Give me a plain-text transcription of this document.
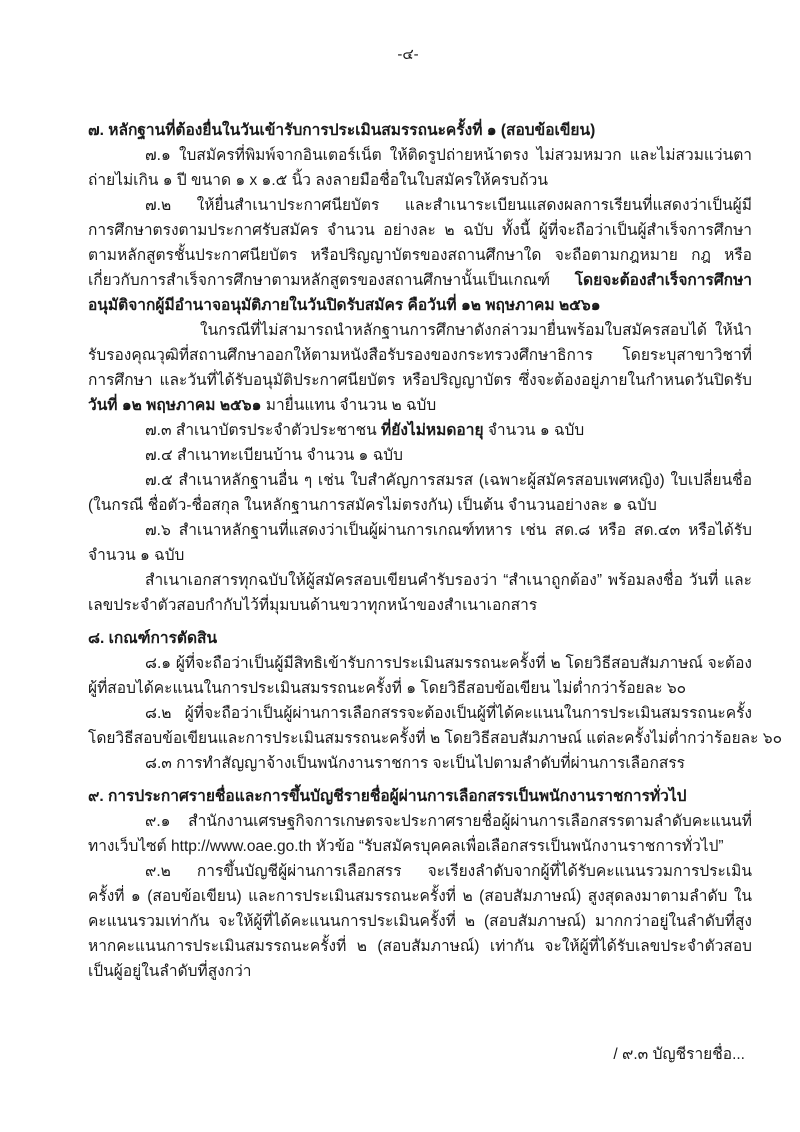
-๔-
๗. หลักฐานที่ต้องยื่นในวันเข้ารับการประเมินสมรรถนะครั้งที่ ๑ (สอบข้อเขียน)
๗.๑ ใบสมัครที่พิมพ์จากอินเตอร์เน็ต ให้ติดรูปถ่ายหน้าตรง ไม่สวมหมวก และไม่สวมแว่นตา
ถ่ายไม่เกิน ๑ ปี ขนาด ๑ x ๑.๕ นิ้ว ลงลายมือชื่อในใบสมัครให้ครบถ้วน
๗.๒ ให้ยื่นสำเนาประกาศนียบัตร และสำเนาระเบียนแสดงผลการเรียนที่แสดงว่าเป็นผู้มี
การศึกษาตรงตามประกาศรับสมัคร จำนวน อย่างละ ๒ ฉบับ ทั้งนี้ ผู้ที่จะถือว่าเป็นผู้สำเร็จการศึกษา
ตามหลักสูตรชั้นประกาศนียบัตร หรือปริญญาบัตรของสถานศึกษาใด จะถือตามกฎหมาย กฎ หรือ
เกี่ยวกับการสำเร็จการศึกษาตามหลักสูตรของสถานศึกษานั้นเป็นเกณฑ์ โดยจะต้องสำเร็จการศึกษา
อนุมัติจากผู้มีอำนาจอนุมัติภายในวันปิดรับสมัคร คือวันที่ ๑๒ พฤษภาคม ๒๕๖๑
ในกรณีที่ไม่สามารถนำหลักฐานการศึกษาดังกล่าวมายื่นพร้อมใบสมัครสอบได้ ให้นำ
รับรองคุณวุฒิที่สถานศึกษาออกให้ตามหนังสือรับรองของกระทรวงศึกษาธิการ โดยระบุสาขาวิชาที่
การศึกษา และวันที่ได้รับอนุมัติประกาศนียบัตร หรือปริญญาบัตร ซึ่งจะต้องอยู่ภายในกำหนดวันปิดรับ
วันที่ ๑๒ พฤษภาคม ๒๕๖๑ มายื่นแทน จำนวน ๒ ฉบับ
๗.๓ สำเนาบัตรประจำตัวประชาชน ที่ยังไม่หมดอายุ จำนวน ๑ ฉบับ
๗.๔ สำเนาทะเบียนบ้าน จำนวน ๑ ฉบับ
๗.๕ สำเนาหลักฐานอื่น ๆ เช่น ใบสำคัญการสมรส (เฉพาะผู้สมัครสอบเพศหญิง) ใบเปลี่ยนชื่อ
(ในกรณี ชื่อตัว-ชื่อสกุล ในหลักฐานการสมัครไม่ตรงกัน) เป็นต้น จำนวนอย่างละ ๑ ฉบับ
๗.๖ สำเนาหลักฐานที่แสดงว่าเป็นผู้ผ่านการเกณฑ์ทหาร เช่น สด.๘ หรือ สด.๔๓ หรือได้รับ
จำนวน ๑ ฉบับ
สำเนาเอกสารทุกฉบับให้ผู้สมัครสอบเขียนคำรับรองว่า “สำเนาถูกต้อง” พร้อมลงชื่อ วันที่ และ
เลขประจำตัวสอบกำกับไว้ที่มุมบนด้านขวาทุกหน้าของสำเนาเอกสาร
๘. เกณฑ์การตัดสิน
๘.๑ ผู้ที่จะถือว่าเป็นผู้มีสิทธิเข้ารับการประเมินสมรรถนะครั้งที่ ๒ โดยวิธีสอบสัมภาษณ์ จะต้อง
ผู้ที่สอบได้คะแนนในการประเมินสมรรถนะครั้งที่ ๑ โดยวิธีสอบข้อเขียน ไม่ต่ำกว่าร้อยละ ๖๐
๘.๒ ผู้ที่จะถือว่าเป็นผู้ผ่านการเลือกสรรจะต้องเป็นผู้ที่ได้คะแนนในการประเมินสมรรถนะครั้ง
โดยวิธีสอบข้อเขียนและการประเมินสมรรถนะครั้งที่ ๒ โดยวิธีสอบสัมภาษณ์ แต่ละครั้งไม่ต่ำกว่าร้อยละ ๖๐
๘.๓ การทำสัญญาจ้างเป็นพนักงานราชการ จะเป็นไปตามลำดับที่ผ่านการเลือกสรร
๙. การประกาศรายชื่อและการขึ้นบัญชีรายชื่อผู้ผ่านการเลือกสรรเป็นพนักงานราชการทั่วไป
๙.๑ สำนักงานเศรษฐกิจการเกษตรจะประกาศรายชื่อผู้ผ่านการเลือกสรรตามลำดับคะแนนที่
ทางเว็บไซต์ http://www.oae.go.th หัวข้อ “รับสมัครบุคคลเพื่อเลือกสรรเป็นพนักงานราชการทั่วไป”
๙.๒ การขึ้นบัญชีผู้ผ่านการเลือกสรร จะเรียงลำดับจากผู้ที่ได้รับคะแนนรวมการประเมิน
ครั้งที่ ๑ (สอบข้อเขียน) และการประเมินสมรรถนะครั้งที่ ๒ (สอบสัมภาษณ์) สูงสุดลงมาตามลำดับ ใน
คะแนนรวมเท่ากัน จะให้ผู้ที่ได้คะแนนการประเมินครั้งที่ ๒ (สอบสัมภาษณ์) มากกว่าอยู่ในลำดับที่สูง
หากคะแนนการประเมินสมรรถนะครั้งที่ ๒ (สอบสัมภาษณ์) เท่ากัน จะให้ผู้ที่ได้รับเลขประจำตัวสอบ
เป็นผู้อยู่ในลำดับที่สูงกว่า
/ ๙.๓ บัญชีรายชื่อ...
